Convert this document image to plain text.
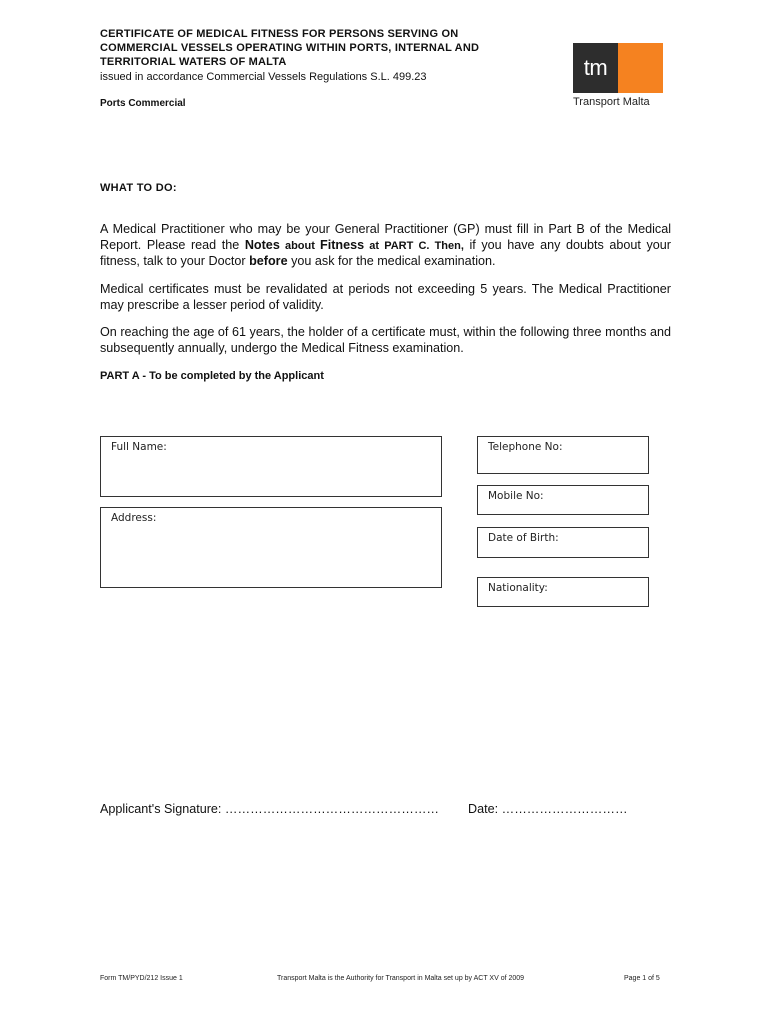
CERTIFICATE OF MEDICAL FITNESS FOR PERSONS SERVING ON COMMERCIAL VESSELS OPERATING WITHIN PORTS, INTERNAL AND TERRITORIAL WATERS OF MALTA
issued in accordance Commercial Vessels Regulations S.L. 499.23
Ports Commercial
tm
Transport Malta
WHAT TO DO:
A Medical Practitioner who may be your General Practitioner (GP) must fill in Part B of the Medical Report. Please read the Notes about Fitness at PART C. Then, if you have any doubts about your fitness, talk to your Doctor before you ask for the medical examination.
Medical certificates must be revalidated at periods not exceeding 5 years. The Medical Practitioner may prescribe a lesser period of validity.
On reaching the age of 61 years, the holder of a certificate must, within the following three months and subsequently annually, undergo the Medical Fitness examination.
PART A - To be completed by the Applicant
Full Name:
Address:
Telephone No:
Mobile No:
Date of Birth:
Nationality:
Applicant's Signature: …………………………………………… Date: …………………………
Form TM/PYD/212 Issue 1	Transport Malta is the Authority for Transport in Malta set up by ACT XV of 2009	Page 1 of 5
